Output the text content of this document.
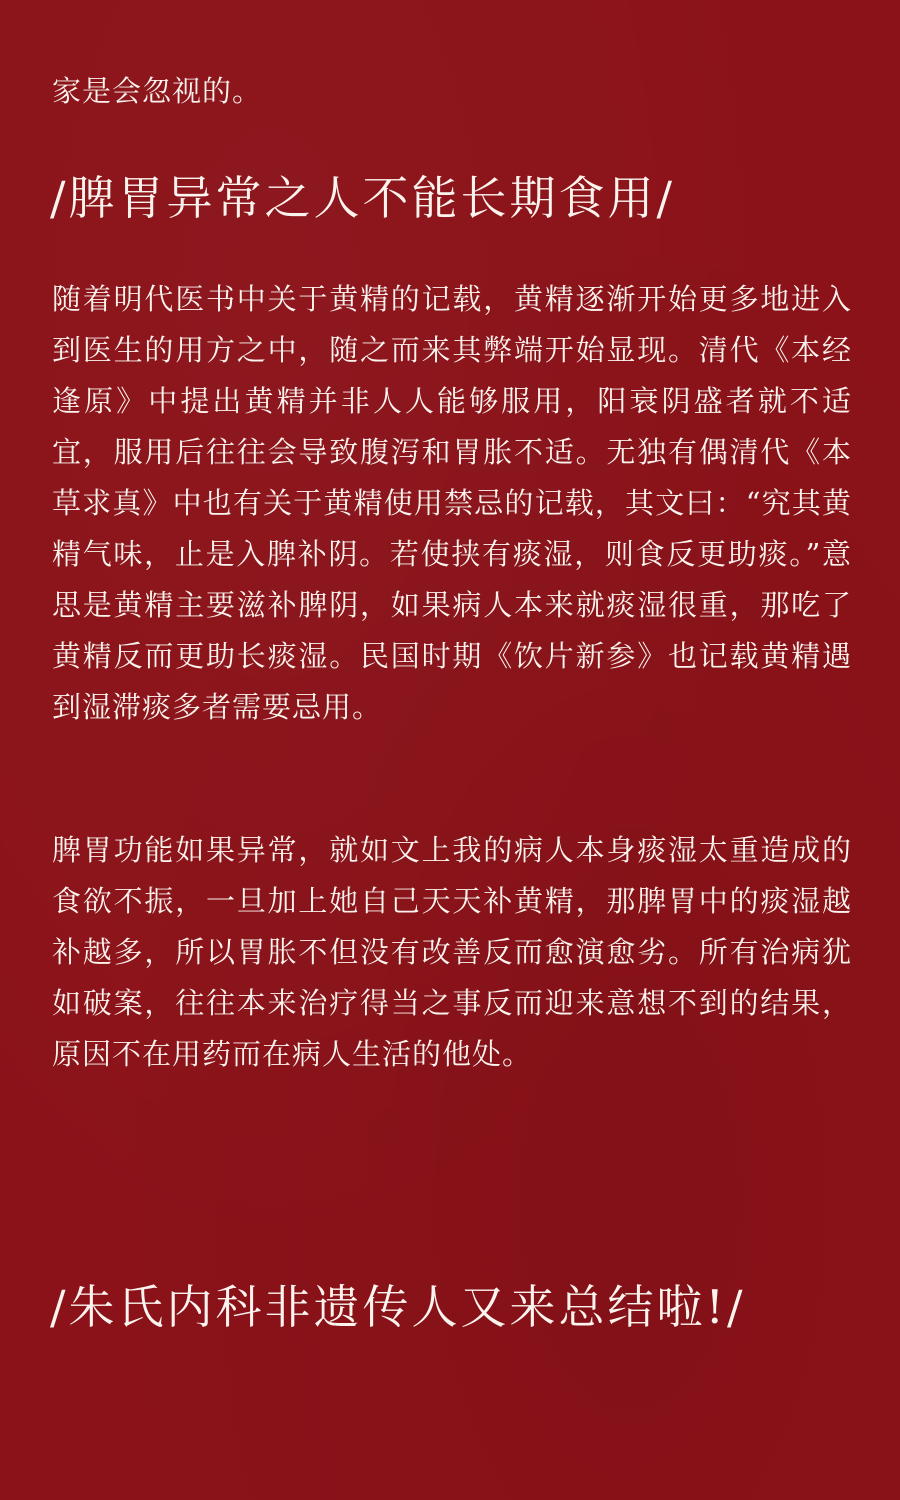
家是会忽视的。

/脾胃异常之人不能长期食用/

随着明代医书中关于黄精的记载，黄精逐渐开始更多地进入到医生的用方之中，随之而来其弊端开始显现。清代《本经逢原》中提出黄精并非人人能够服用，阳衰阴盛者就不适宜，服用后往往会导致腹泻和胃胀不适。无独有偶清代《本草求真》中也有关于黄精使用禁忌的记载，其文曰：“究其黄精气味，止是入脾补阴。若使挟有痰湿，则食反更助痰。”意思是黄精主要滋补脾阴，如果病人本来就痰湿很重，那吃了黄精反而更助长痰湿。民国时期《饮片新参》也记载黄精遇到湿滞痰多者需要忌用。

脾胃功能如果异常，就如文上我的病人本身痰湿太重造成的食欲不振，一旦加上她自己天天补黄精，那脾胃中的痰湿越补越多，所以胃胀不但没有改善反而愈演愈劣。所有治病犹如破案，往往本来治疗得当之事反而迎来意想不到的结果，原因不在用药而在病人生活的他处。

/朱氏内科非遗传人又来总结啦!/
